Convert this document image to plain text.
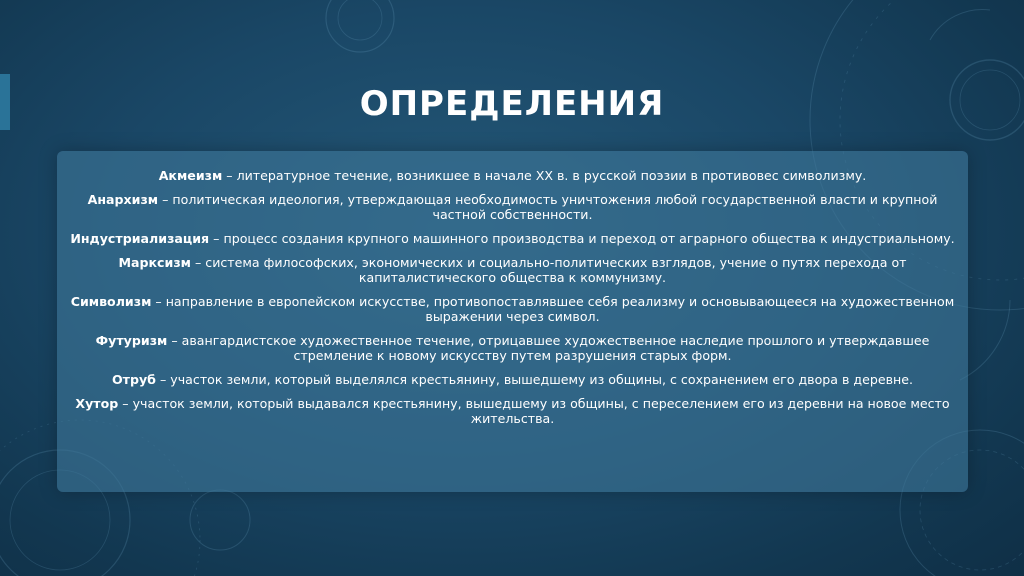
ОПРЕДЕЛЕНИЯ

Акмеизм – литературное течение, возникшее в начале XX в. в русской поэзии в противовес символизму.

Анархизм – политическая идеология, утверждающая необходимость уничтожения любой государственной власти и крупной частной собственности.

Индустриализация – процесс создания крупного машинного производства и переход от аграрного общества к индустриальному.

Марксизм – система философских, экономических и социально-политических взглядов, учение о путях перехода от капиталистического общества к коммунизму.

Символизм – направление в европейском искусстве, противопоставлявшее себя реализму и основывающееся на художественном выражении через символ.

Футуризм – авангардистское художественное течение, отрицавшее художественное наследие прошлого и утверждавшее стремление к новому искусству путем разрушения старых форм.

Отруб – участок земли, который выделялся крестьянину, вышедшему из общины, с сохранением его двора в деревне.

Хутор – участок земли, который выдавался крестьянину, вышедшему из общины, с переселением его из деревни на новое место жительства.
